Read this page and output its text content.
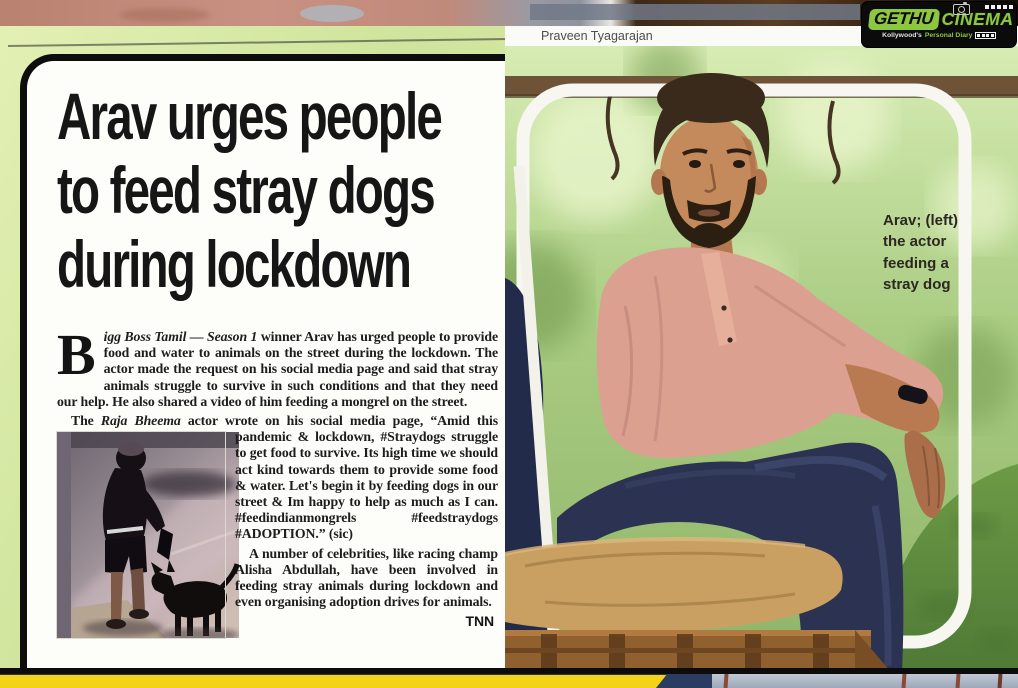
Arav urges people
to feed stray dogs
during lockdown

Bigg Boss Tamil — Season 1 winner Arav has urged people to provide food and water to animals on the street during the lockdown. The actor made the request on his social media page and said that stray animals struggle to survive in such conditions and that they need our help. He also shared a video of him feeding a mongrel on the street.

The Raja Bheema actor wrote on his social media page, “Amid this
pandemic & lockdown, #Straydogs struggle to get food to survive. Its high time we should act kind towards them to provide some food & water. Let's begin it by feeding dogs in our street & Im happy to help as much as I can. #feedindianmongrels #feedstraydogs #ADOPTION.” (sic)

A number of celebrities, like racing champ Alisha Abdullah, have been involved in feeding stray animals during lockdown and even organising adoption drives for animals.

TNN

Praveen Tyagarajan
Arav; (left) the actor feeding a stray dog
GETHU CINEMA
Kollywood's Personal Diary
